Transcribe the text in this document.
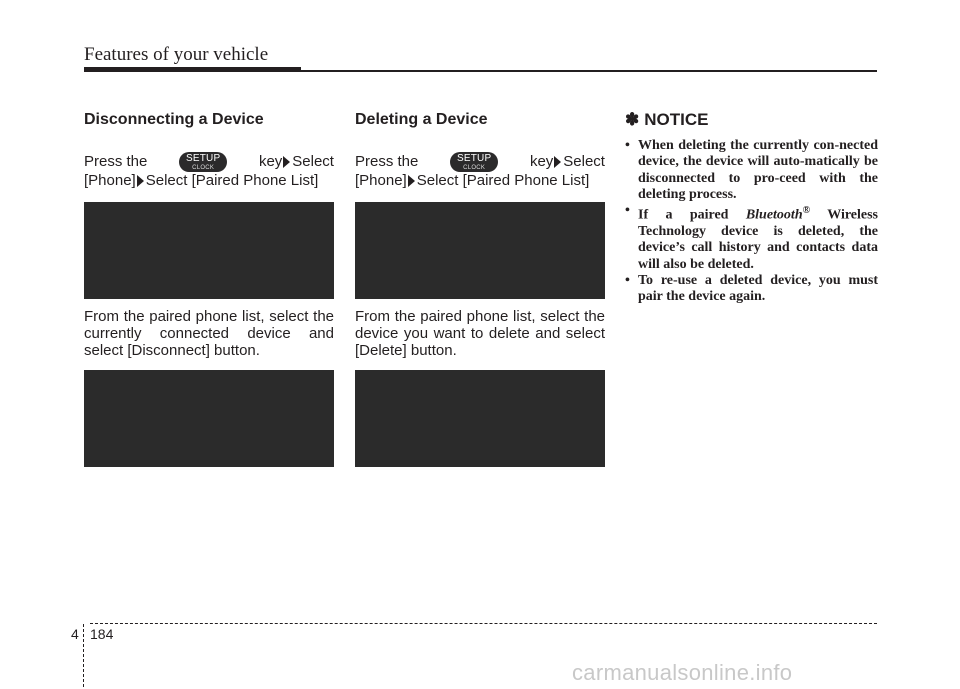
Features of your vehicle
Disconnecting a Device
Press the	SETUP
CLOCK	key Select
[Phone] Select [Paired Phone List]
From the paired phone list, select the currently connected device and select [Disconnect] button.
Deleting a Device
Press the	SETUP
CLOCK	key Select
[Phone] Select [Paired Phone List]
From the paired phone list, select the device you want to delete and select [Delete] button.
✽ NOTICE
• When deleting the currently con-nected device, the device will auto-matically be disconnected to pro-ceed with the deleting process.
• If a paired Bluetooth® Wireless Technology device is deleted, the device’s call history and contacts data will also be deleted.
• To re-use a deleted device, you must pair the device again.
4 184
carmanualsonline.info
